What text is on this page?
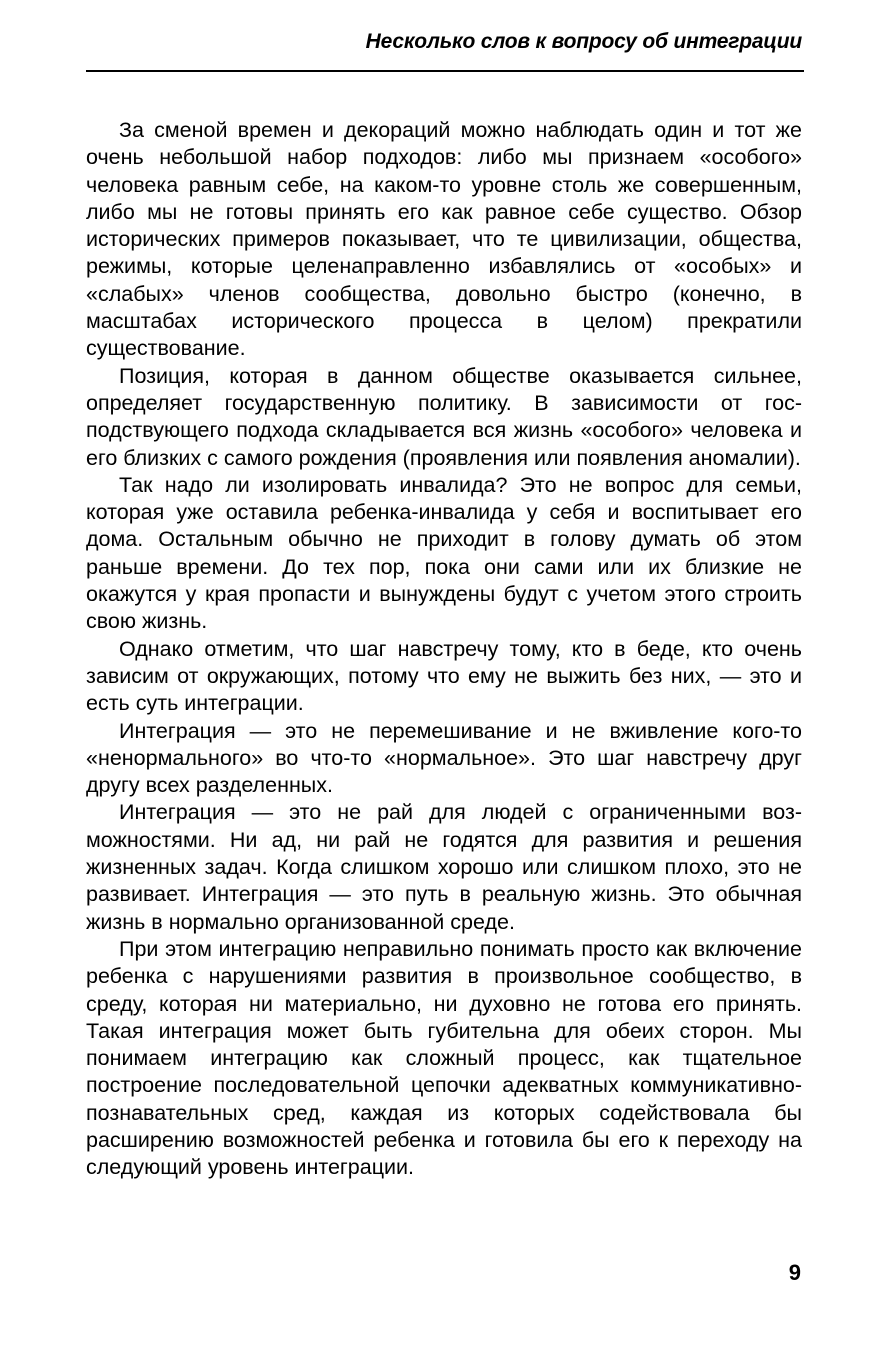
Несколько слов к вопросу об интеграции

За сменой времен и декораций можно наблюдать один и тот же очень небольшой набор подходов: либо мы признаем «особого» человека равным себе, на каком-то уровне столь же совершенным, либо мы не готовы принять его как равное себе существо. Обзор исторических примеров показывает, что те цивилизации, общества, режимы, которые целенаправленно избавлялись от «особых» и «слабых» членов сообщества, довольно быстро (конечно, в масштабах исторического процесса в целом) прекратили существование.

Позиция, которая в данном обществе оказывается сильнее, определяет государственную политику. В зависимости от господствующего подхода складывается вся жизнь «особого» человека и его близких с самого рождения (проявления или появления аномалии).

Так надо ли изолировать инвалида? Это не вопрос для семьи, которая уже оставила ребенка-инвалида у себя и воспитывает его дома. Остальным обычно не приходит в голову думать об этом раньше времени. До тех пор, пока они сами или их близкие не окажутся у края пропасти и вынуждены будут с учетом этого строить свою жизнь.

Однако отметим, что шаг навстречу тому, кто в беде, кто очень зависим от окружающих, потому что ему не выжить без них, — это и есть суть интеграции.

Интеграция — это не перемешивание и не вживление кого-то «ненормального» во что-то «нормальное». Это шаг навстречу друг другу всех разделенных.

Интеграция — это не рай для людей с ограниченными возможностями. Ни ад, ни рай не годятся для развития и решения жизненных задач. Когда слишком хорошо или слишком плохо, это не развивает. Интеграция — это путь в реальную жизнь. Это обычная жизнь в нормально организованной среде.

При этом интеграцию неправильно понимать просто как включение ребенка с нарушениями развития в произвольное сообщество, в среду, которая ни материально, ни духовно не готова его принять. Такая интеграция может быть губительна для обеих сторон. Мы понимаем интеграцию как сложный процесс, как тщательное построение последовательной цепочки адекватных коммуникативно-познавательных сред, каждая из которых содействовала бы расширению возможностей ребенка и готовила бы его к переходу на следующий уровень интеграции.

9
